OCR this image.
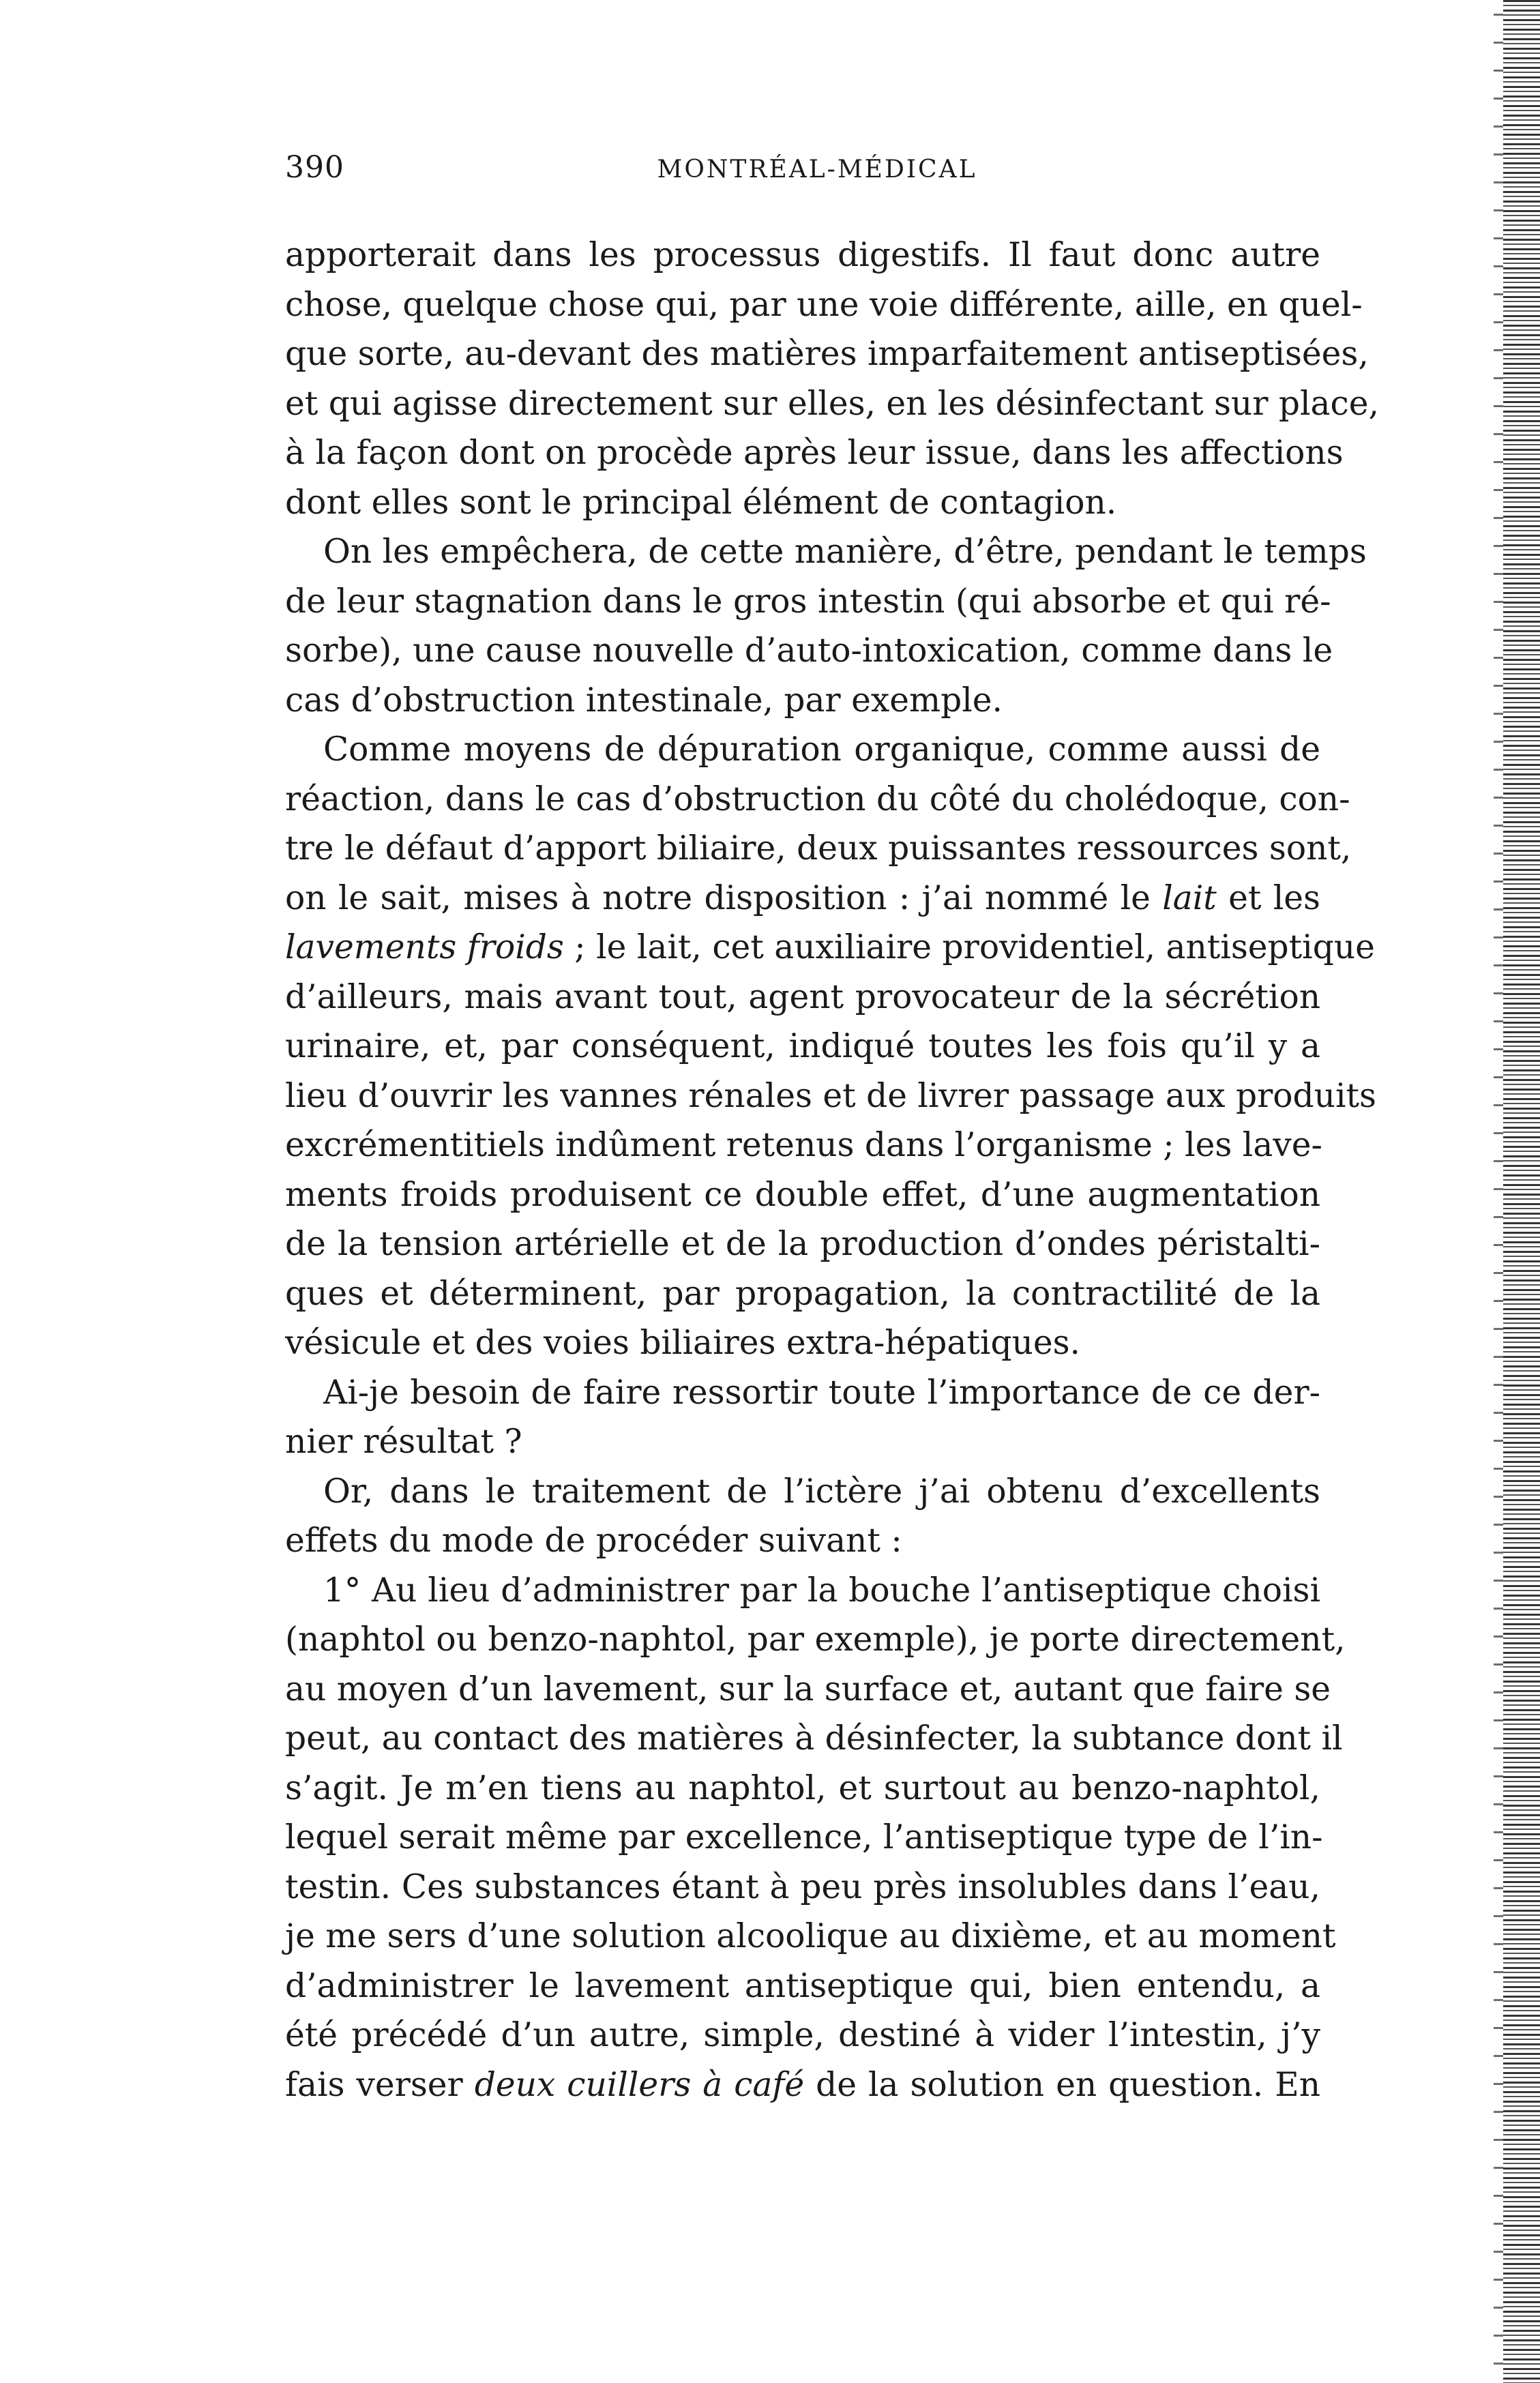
390	MONTRÉAL-MÉDICAL
apporterait dans les processus digestifs. Il faut donc autre
chose, quelque chose qui, par une voie différente, aille, en quel-
que sorte, au-devant des matières imparfaitement antiseptisées,
et qui agisse directement sur elles, en les désinfectant sur place,
à la façon dont on procède après leur issue, dans les affections
dont elles sont le principal élément de contagion.
On les empêchera, de cette manière, d’être, pendant le temps
de leur stagnation dans le gros intestin (qui absorbe et qui ré-
sorbe), une cause nouvelle d’auto-intoxication, comme dans le
cas d’obstruction intestinale, par exemple.
Comme moyens de dépuration organique, comme aussi de
réaction, dans le cas d’obstruction du côté du cholédoque, con-
tre le défaut d’apport biliaire, deux puissantes ressources sont,
on le sait, mises à notre disposition : j’ai nommé le lait et les
lavements froids ; le lait, cet auxiliaire providentiel, antiseptique
d’ailleurs, mais avant tout, agent provocateur de la sécrétion
urinaire, et, par conséquent, indiqué toutes les fois qu’il y a
lieu d’ouvrir les vannes rénales et de livrer passage aux produits
excrémentitiels indûment retenus dans l’organisme ; les lave-
ments froids produisent ce double effet, d’une augmentation
de la tension artérielle et de la production d’ondes péristalti-
ques et déterminent, par propagation, la contractilité de la
vésicule et des voies biliaires extra-hépatiques.
Ai-je besoin de faire ressortir toute l’importance de ce der-
nier résultat ?
Or, dans le traitement de l’ictère j’ai obtenu d’excellents
effets du mode de procéder suivant :
1° Au lieu d’administrer par la bouche l’antiseptique choisi
(naphtol ou benzo-naphtol, par exemple), je porte directement,
au moyen d’un lavement, sur la surface et, autant que faire se
peut, au contact des matières à désinfecter, la subtance dont il
s’agit. Je m’en tiens au naphtol, et surtout au benzo-naphtol,
lequel serait même par excellence, l’antiseptique type de l’in-
testin. Ces substances étant à peu près insolubles dans l’eau,
je me sers d’une solution alcoolique au dixième, et au moment
d’administrer le lavement antiseptique qui, bien entendu, a
été précédé d’un autre, simple, destiné à vider l’intestin, j’y
fais verser deux cuillers à café de la solution en question. En
